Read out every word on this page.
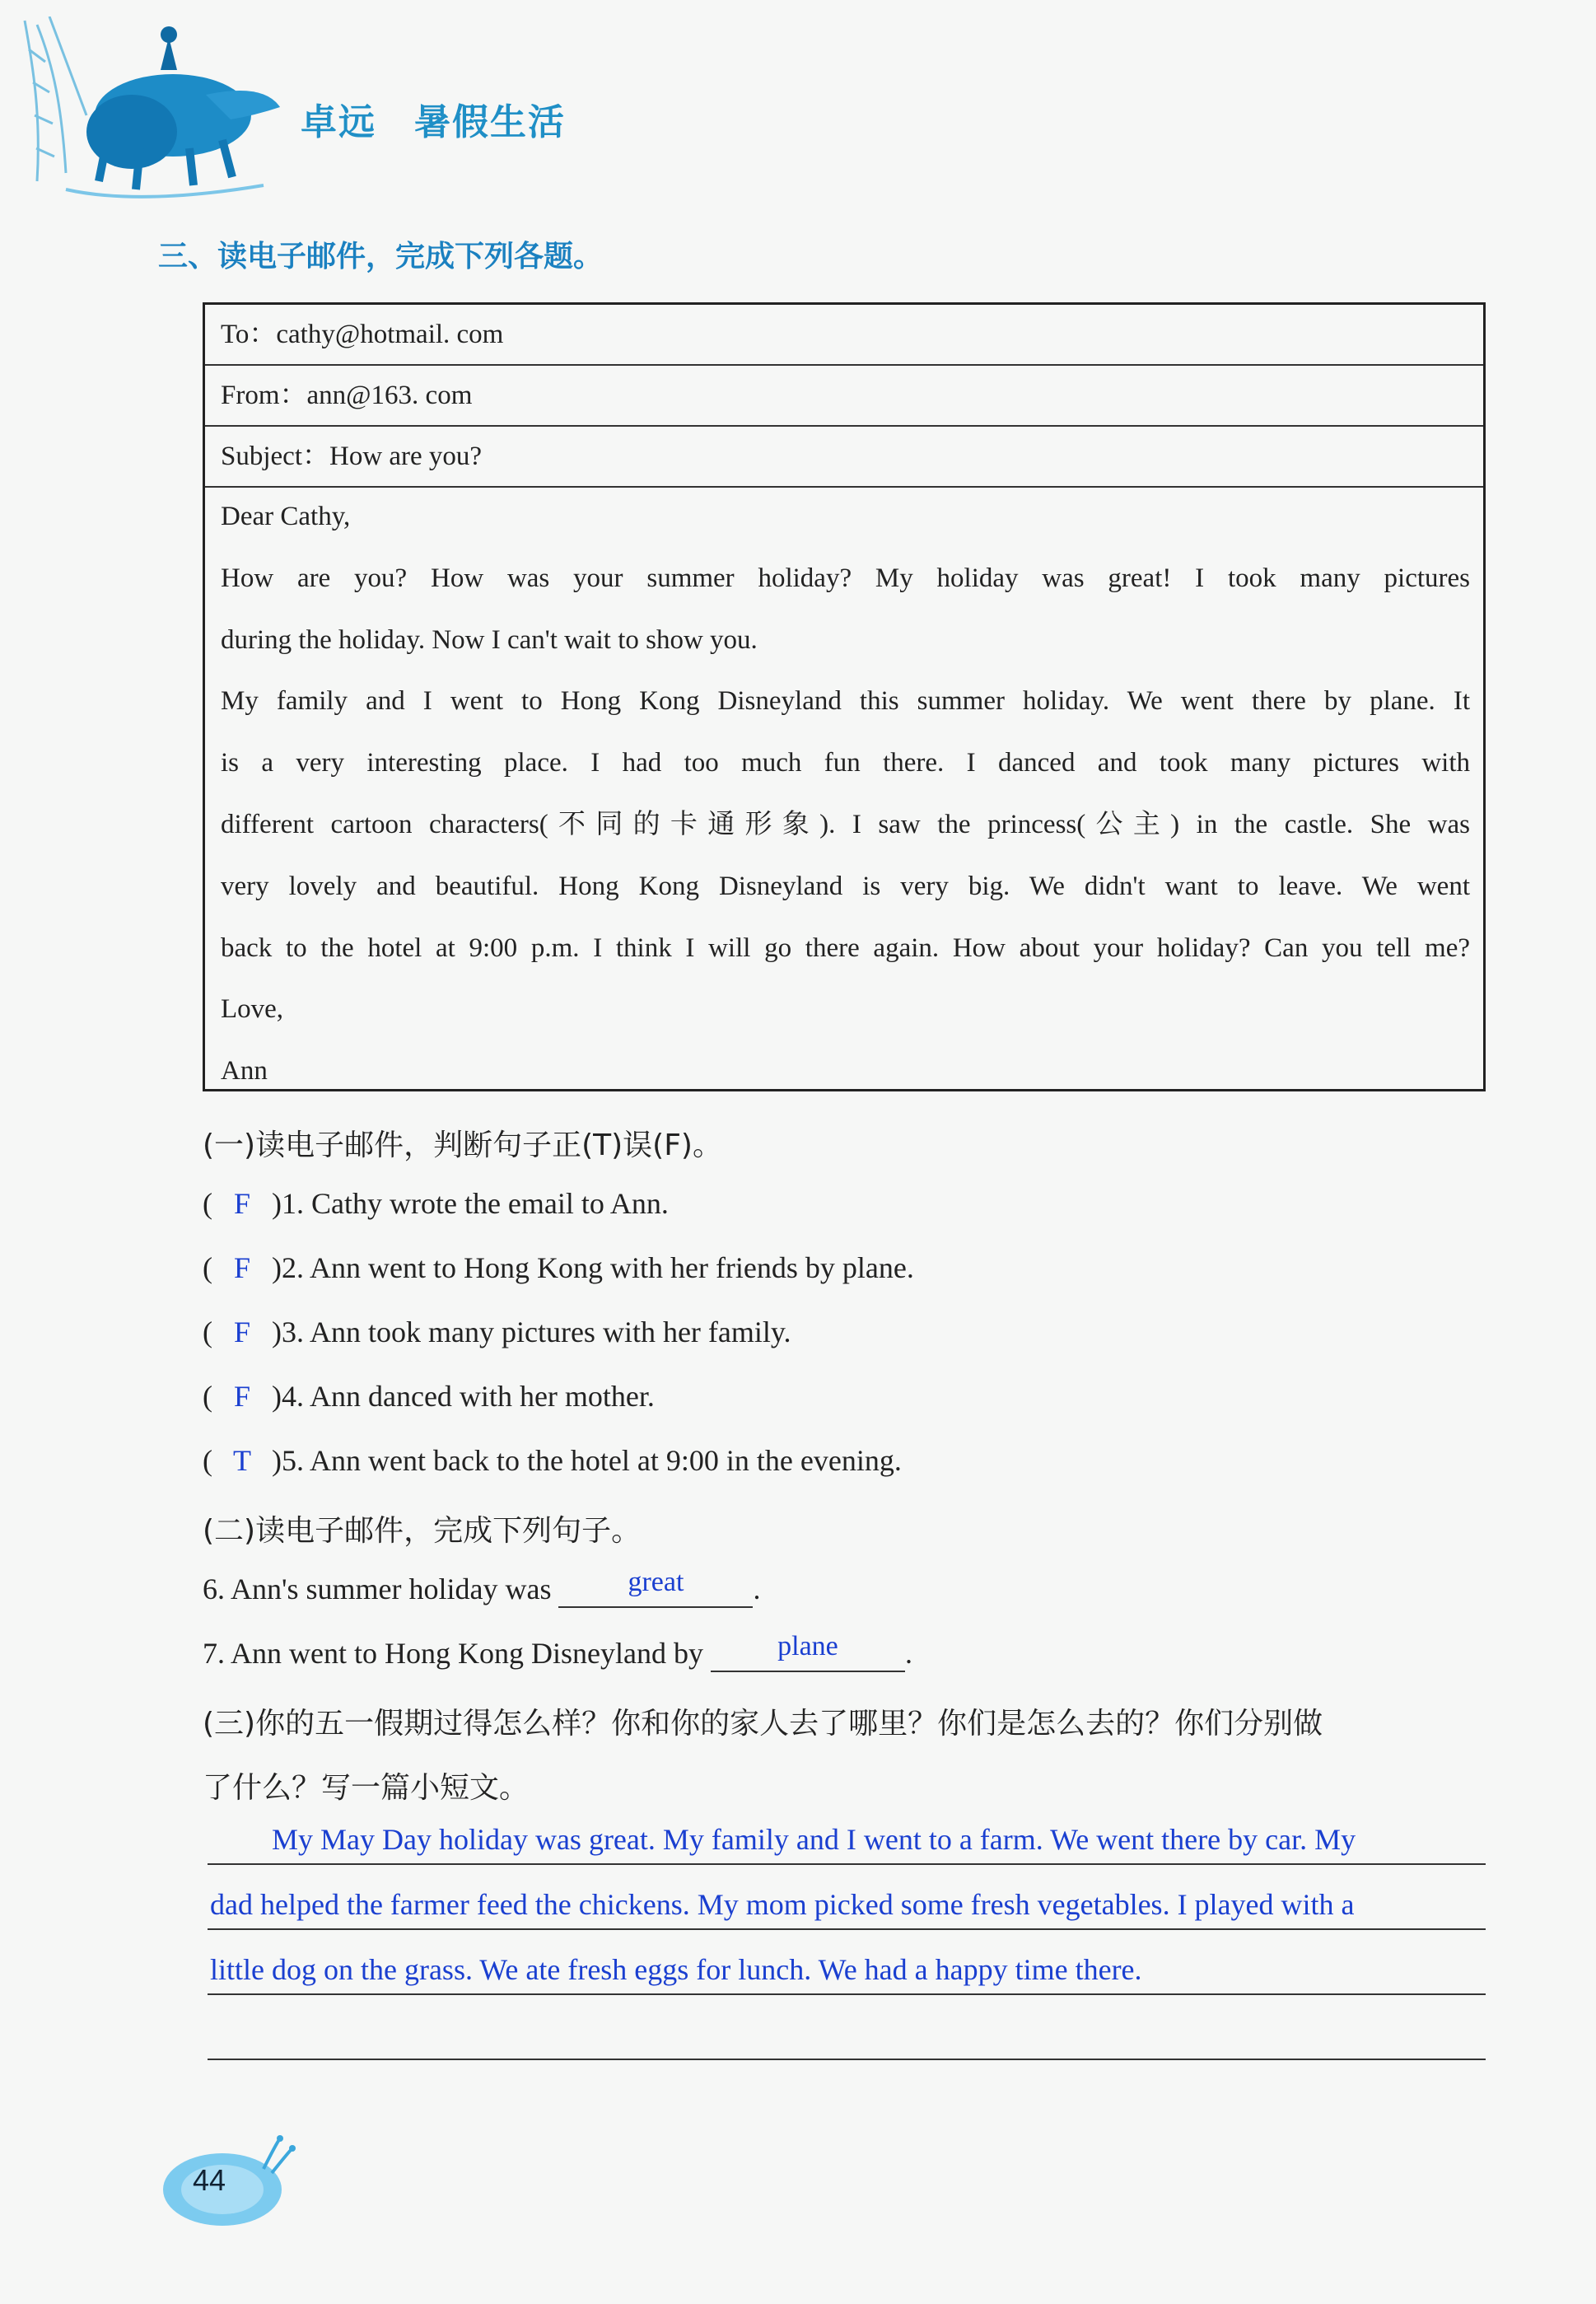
卓远　暑假生活
三、读电子邮件，完成下列各题。
To：cathy@hotmail. com
From：ann@163. com
Subject：How are you?
Dear Cathy,
How are you? How was your summer holiday? My holiday was great! I took many pictures
during the holiday. Now I can't wait to show you.
My family and I went to Hong Kong Disneyland this summer holiday. We went there by plane. It
is a very interesting place. I had too much fun there. I danced and took many pictures with
different cartoon characters(不同的卡通形象). I saw the princess(公主) in the castle. She was
very lovely and beautiful. Hong Kong Disneyland is very big. We didn't want to leave. We went
back to the hotel at 9:00 p.m. I think I will go there again. How about your holiday? Can you tell me?
Love,
Ann
(一)读电子邮件，判断句子正(T)误(F)。
( F )1. Cathy wrote the email to Ann.
( F )2. Ann went to Hong Kong with her friends by plane.
( F )3. Ann took many pictures with her family.
( F )4. Ann danced with her mother.
( T )5. Ann went back to the hotel at 9:00 in the evening.
(二)读电子邮件，完成下列句子。
6. Ann's summer holiday was	great .
7. Ann went to Hong Kong Disneyland by	plane .
(三)你的五一假期过得怎么样？你和你的家人去了哪里？你们是怎么去的？你们分别做
了什么？写一篇小短文。
My May Day holiday was great. My family and I went to a farm. We went there by car. My
dad helped the farmer feed the chickens. My mom picked some fresh vegetables. I played with a
little dog on the grass. We ate fresh eggs for lunch. We had a happy time there.
44
